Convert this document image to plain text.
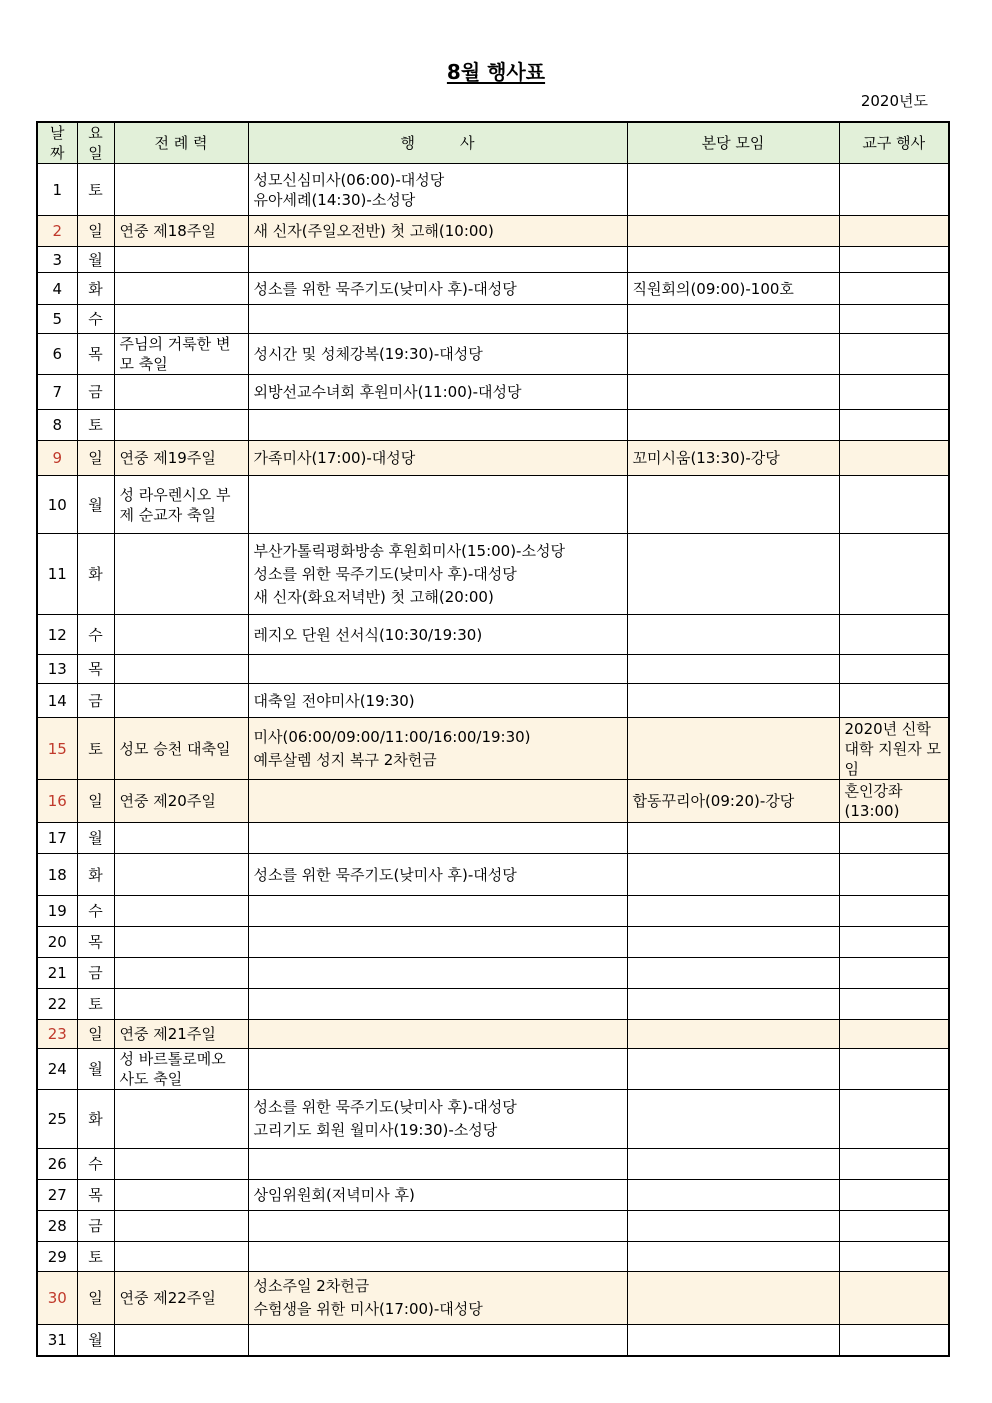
8월 행사표
2020년도
날짜	요일	전 례 력	행　　　사	본당 모임	교구 행사
1	토		성모신심미사(06:00)-대성당
유아세례(14:30)-소성당		

2	일	연중 제18주일	새 신자(주일오전반) 첫 고해(10:00)		

3	월				
4	화		성소를 위한 묵주기도(낮미사 후)-대성당	직원회의(09:00)-100호	
5	수				
6	목	주님의 거룩한 변모 축일	성시간 및 성체강복(19:30)-대성당		

7	금		외방선교수녀회 후원미사(11:00)-대성당		

8	토				
9	일	연중 제19주일	가족미사(17:00)-대성당	꼬미시움(13:30)-강당	
10	월	성 라우렌시오 부제 순교자 축일			
11	화		부산가톨릭평화방송 후원회미사(15:00)-소성당
성소를 위한 묵주기도(낮미사 후)-대성당
새 신자(화요저녁반) 첫 고해(20:00)		

12	수		레지오 단원 선서식(10:30/19:30)		

13	목				
14	금		대축일 전야미사(19:30)		

15	토	성모 승천 대축일	미사(06:00/09:00/11:00/16:00/19:30)
예루살렘 성지 복구 2차헌금		2020년 신학대학 지원자 모임
16	일	연중 제20주일		합동꾸리아(09:20)-강당	혼인강좌(13:00)
17	월				
18	화		성소를 위한 묵주기도(낮미사 후)-대성당		

19	수				
20	목				
21	금				
22	토				
23	일	연중 제21주일			
24	월	성 바르톨로메오 사도 축일			
25	화		성소를 위한 묵주기도(낮미사 후)-대성당
고리기도 회원 월미사(19:30)-소성당		

26	수				
27	목		상임위원회(저녁미사 후)		

28	금				
29	토				
30	일	연중 제22주일	성소주일 2차헌금
수험생을 위한 미사(17:00)-대성당		

31	월				
